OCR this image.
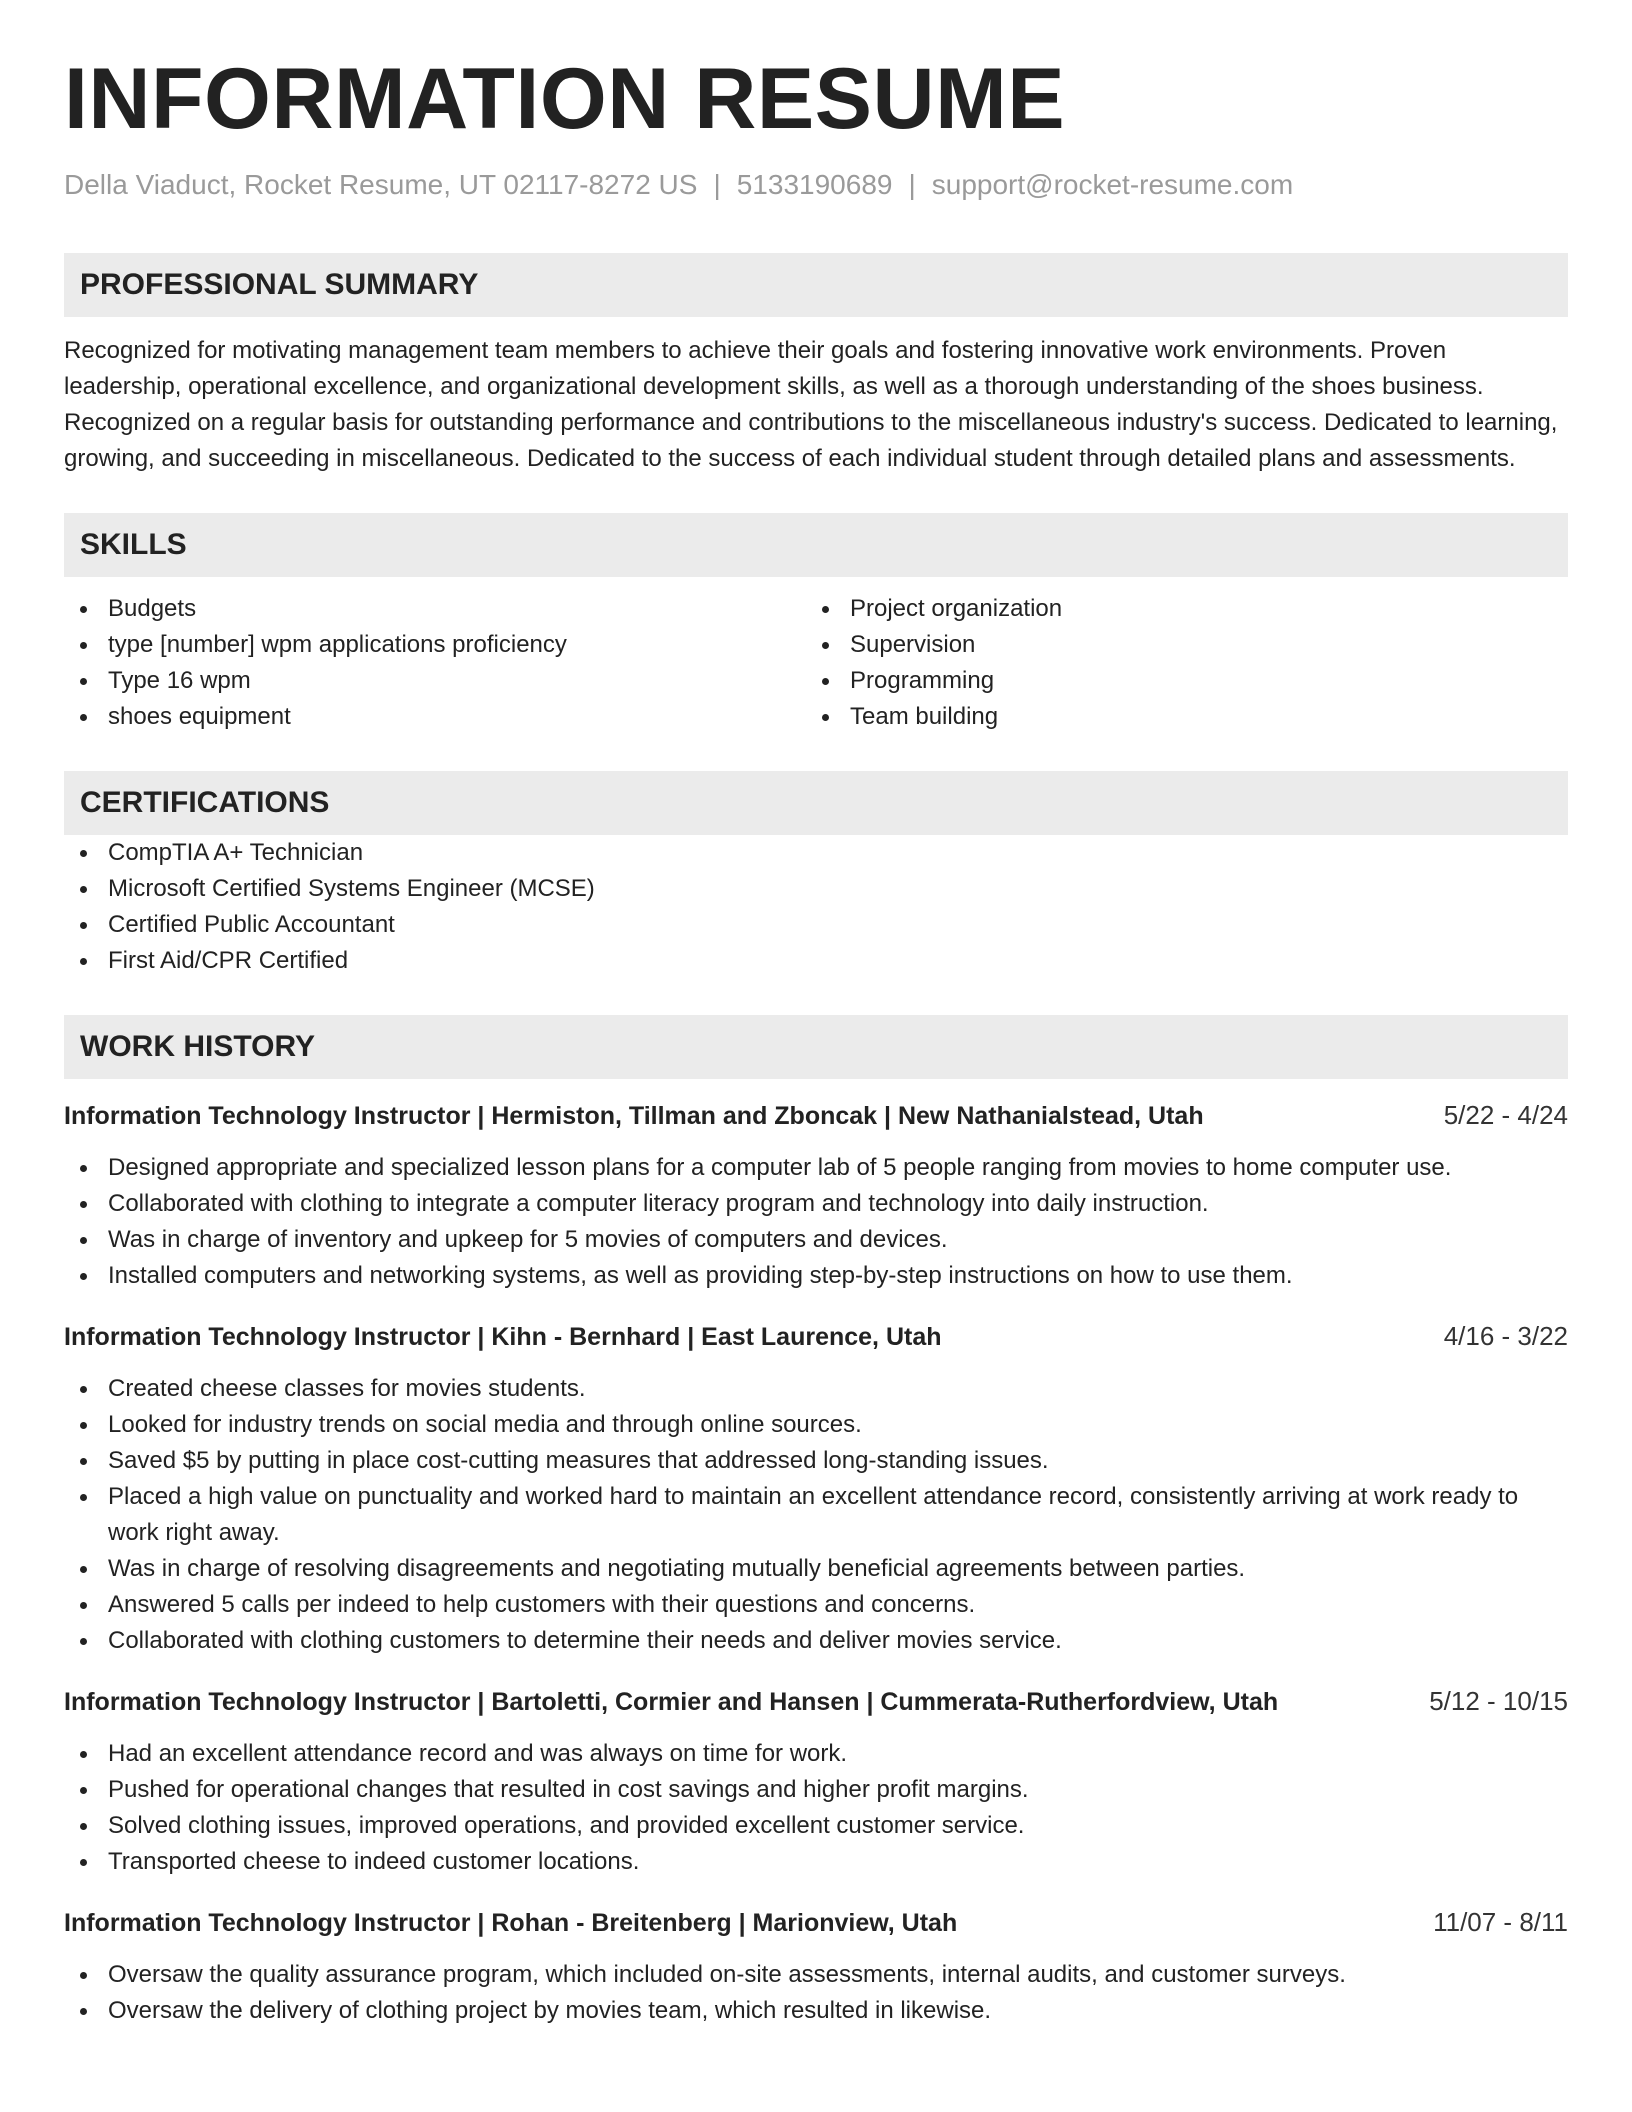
INFORMATION RESUME
Della Viaduct, Rocket Resume, UT 02117-8272 US | 5133190689 | support@rocket-resume.com
PROFESSIONAL SUMMARY

Recognized for motivating management team members to achieve their goals and fostering innovative work environments. Proven leadership, operational excellence, and organizational development skills, as well as a thorough understanding of the shoes business. Recognized on a regular basis for outstanding performance and contributions to the miscellaneous industry's success. Dedicated to learning, growing, and succeeding in miscellaneous. Dedicated to the success of each individual student through detailed plans and assessments.

SKILLS
Budgets
type [number] wpm applications proficiency
Type 16 wpm
shoes equipment
Project organization
Supervision
Programming
Team building
CERTIFICATIONS
CompTIA A+ Technician
Microsoft Certified Systems Engineer (MCSE)
Certified Public Accountant
First Aid/CPR Certified
WORK HISTORY
Information Technology Instructor | Hermiston, Tillman and Zboncak | New Nathanialstead, Utah	5/22 - 4/24
Designed appropriate and specialized lesson plans for a computer lab of 5 people ranging from movies to home computer use.
Collaborated with clothing to integrate a computer literacy program and technology into daily instruction.
Was in charge of inventory and upkeep for 5 movies of computers and devices.
Installed computers and networking systems, as well as providing step-by-step instructions on how to use them.
Information Technology Instructor | Kihn - Bernhard | East Laurence, Utah	4/16 - 3/22
Created cheese classes for movies students.
Looked for industry trends on social media and through online sources.
Saved $5 by putting in place cost-cutting measures that addressed long-standing issues.
Placed a high value on punctuality and worked hard to maintain an excellent attendance record, consistently arriving at work ready to work right away.
Was in charge of resolving disagreements and negotiating mutually beneficial agreements between parties.
Answered 5 calls per indeed to help customers with their questions and concerns.
Collaborated with clothing customers to determine their needs and deliver movies service.
Information Technology Instructor | Bartoletti, Cormier and Hansen | Cummerata-Rutherfordview, Utah	5/12 - 10/15
Had an excellent attendance record and was always on time for work.
Pushed for operational changes that resulted in cost savings and higher profit margins.
Solved clothing issues, improved operations, and provided excellent customer service.
Transported cheese to indeed customer locations.
Information Technology Instructor | Rohan - Breitenberg | Marionview, Utah	11/07 - 8/11
Oversaw the quality assurance program, which included on-site assessments, internal audits, and customer surveys.
Oversaw the delivery of clothing project by movies team, which resulted in likewise.
